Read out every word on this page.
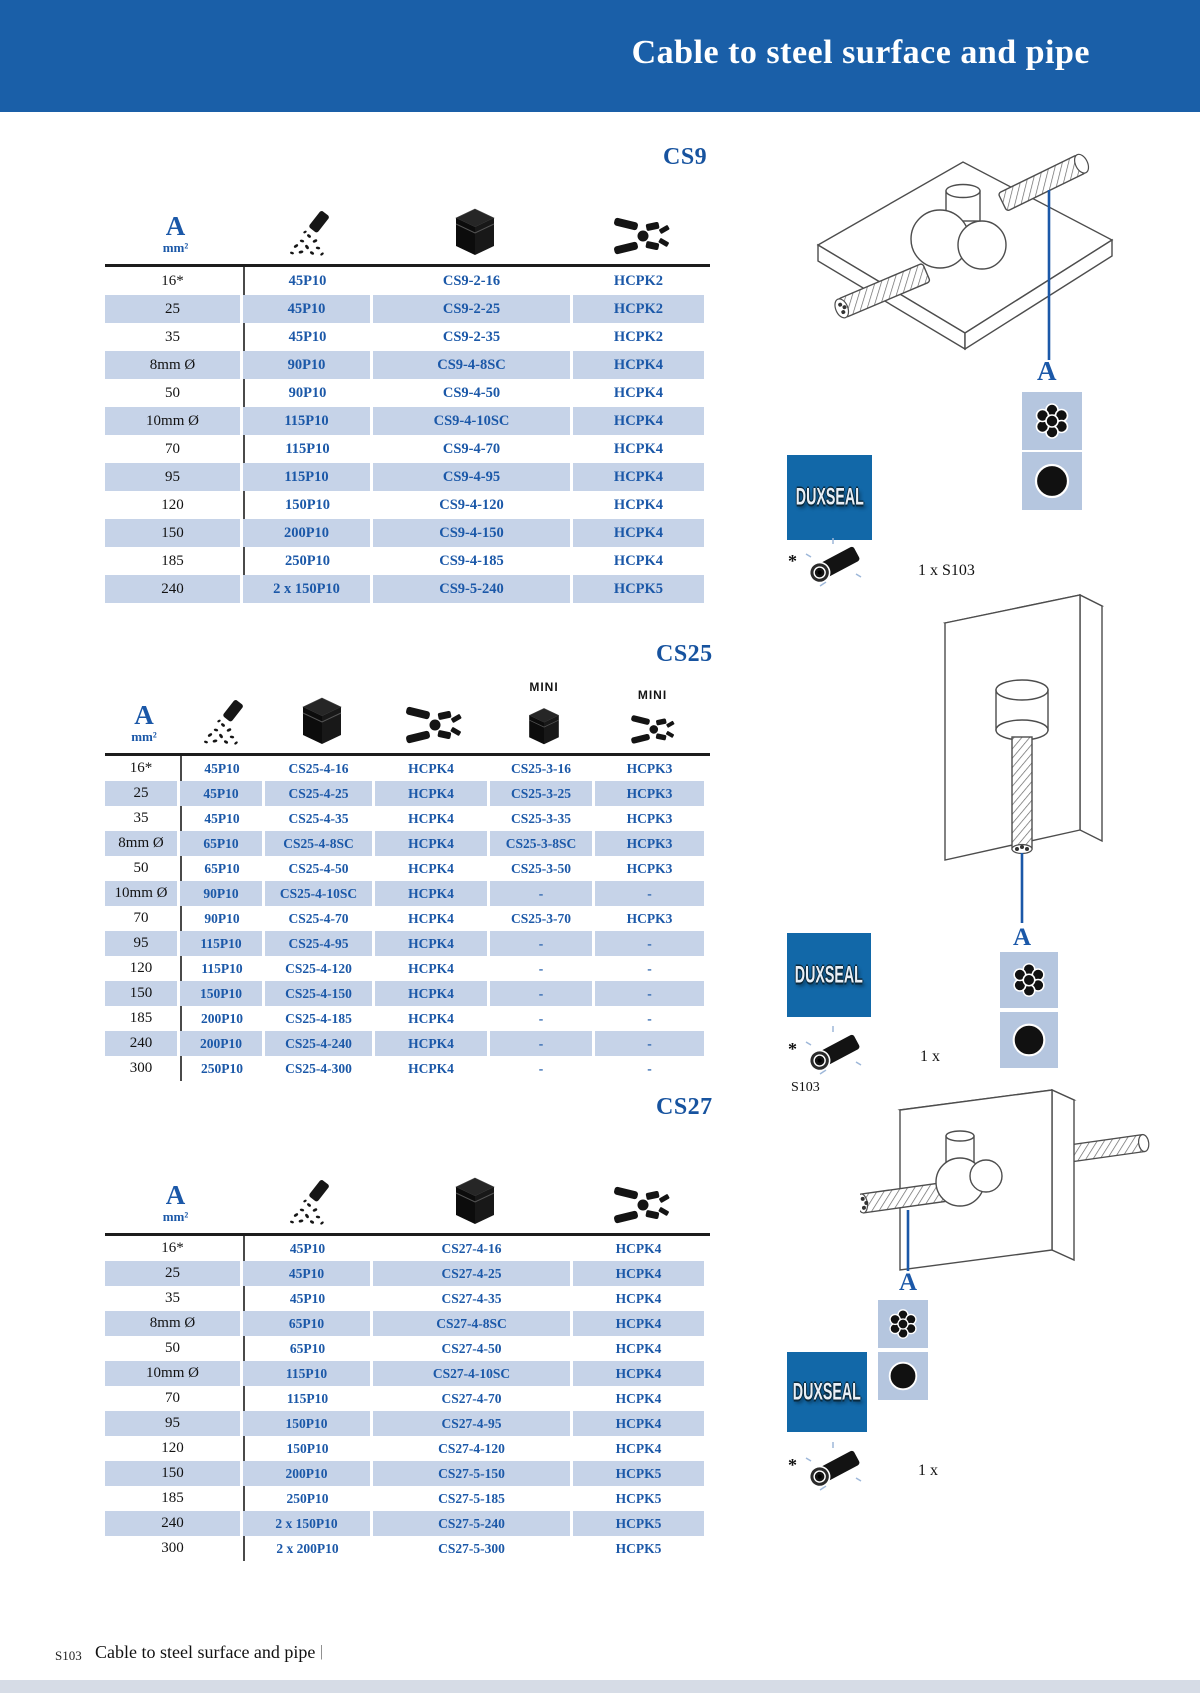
Cable to steel surface and pipe
CS9
A
mm²
16*	45P10	CS9-2-16	HCPK2
25	45P10	CS9-2-25	HCPK2
35	45P10	CS9-2-35	HCPK2
8mm Ø	90P10	CS9-4-8SC	HCPK4
50	90P10	CS9-4-50	HCPK4
10mm Ø	115P10	CS9-4-10SC	HCPK4
70	115P10	CS9-4-70	HCPK4
95	115P10	CS9-4-95	HCPK4
120	150P10	CS9-4-120	HCPK4
150	200P10	CS9-4-150	HCPK4
185	250P10	CS9-4-185	HCPK4
240	2 x 150P10	CS9-5-240	HCPK5
A
DUXSEAL
*	1 x S103
CS25
A
mm²
MINI
MINI
16*	45P10	CS25-4-16	HCPK4	CS25-3-16	HCPK3
25	45P10	CS25-4-25	HCPK4	CS25-3-25	HCPK3
35	45P10	CS25-4-35	HCPK4	CS25-3-35	HCPK3
8mm Ø	65P10	CS25-4-8SC	HCPK4	CS25-3-8SC	HCPK3
50	65P10	CS25-4-50	HCPK4	CS25-3-50	HCPK3
10mm Ø	90P10	CS25-4-10SC	HCPK4	-	-
70	90P10	CS25-4-70	HCPK4	CS25-3-70	HCPK3
95	115P10	CS25-4-95	HCPK4	-	-
120	115P10	CS25-4-120	HCPK4	-	-
150	150P10	CS25-4-150	HCPK4	-	-
185	200P10	CS25-4-185	HCPK4	-	-
240	200P10	CS25-4-240	HCPK4	-	-
300	250P10	CS25-4-300	HCPK4	-	-
A
DUXSEAL
*
S103
1 x
CS27
A
mm²
16*	45P10	CS27-4-16	HCPK4
25	45P10	CS27-4-25	HCPK4
35	45P10	CS27-4-35	HCPK4
8mm Ø	65P10	CS27-4-8SC	HCPK4
50	65P10	CS27-4-50	HCPK4
10mm Ø	115P10	CS27-4-10SC	HCPK4
70	115P10	CS27-4-70	HCPK4
95	150P10	CS27-4-95	HCPK4
120	150P10	CS27-4-120	HCPK4
150	200P10	CS27-5-150	HCPK5
185	250P10	CS27-5-185	HCPK5
240	2 x 150P10	CS27-5-240	HCPK5
300	2 x 200P10	CS27-5-300	HCPK5
A
DUXSEAL
*	1 x
S103 Cable to steel surface and pipe |
